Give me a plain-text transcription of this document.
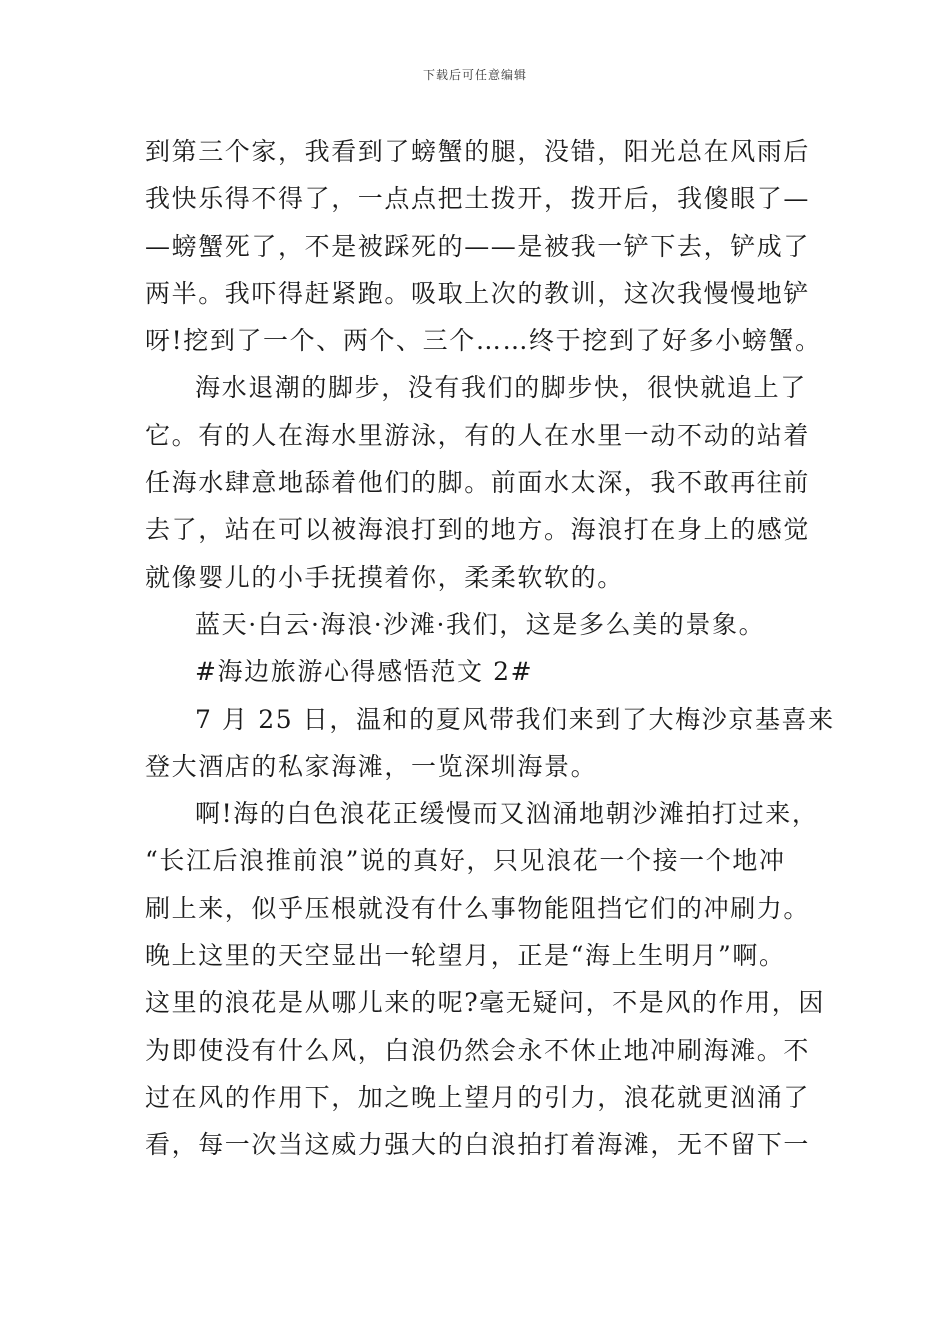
下载后可任意编辑
到第三个家，我看到了螃蟹的腿，没错，阳光总在风雨后
我快乐得不得了，一点点把土拨开，拨开后，我傻眼了—
—螃蟹死了，不是被踩死的——是被我一铲下去，铲成了
两半。我吓得赶紧跑。吸取上次的教训，这次我慢慢地铲
呀!挖到了一个、两个、三个……终于挖到了好多小螃蟹。
海水退潮的脚步，没有我们的脚步快，很快就追上了
它。有的人在海水里游泳，有的人在水里一动不动的站着
任海水肆意地舔着他们的脚。前面水太深，我不敢再往前
去了，站在可以被海浪打到的地方。海浪打在身上的感觉
就像婴儿的小手抚摸着你，柔柔软软的。
蓝天·白云·海浪·沙滩·我们，这是多么美的景象。
#海边旅游心得感悟范文 2#
7 月 25 日，温和的夏风带我们来到了大梅沙京基喜来
登大酒店的私家海滩，一览深圳海景。
啊!海的白色浪花正缓慢而又汹涌地朝沙滩拍打过来，
“长江后浪推前浪”说的真好，只见浪花一个接一个地冲
刷上来，似乎压根就没有什么事物能阻挡它们的冲刷力。
晚上这里的天空显出一轮望月，正是“海上生明月”啊。
这里的浪花是从哪儿来的呢?毫无疑问，不是风的作用，因
为即使没有什么风，白浪仍然会永不休止地冲刷海滩。不
过在风的作用下，加之晚上望月的引力，浪花就更汹涌了
看，每一次当这威力强大的白浪拍打着海滩，无不留下一
